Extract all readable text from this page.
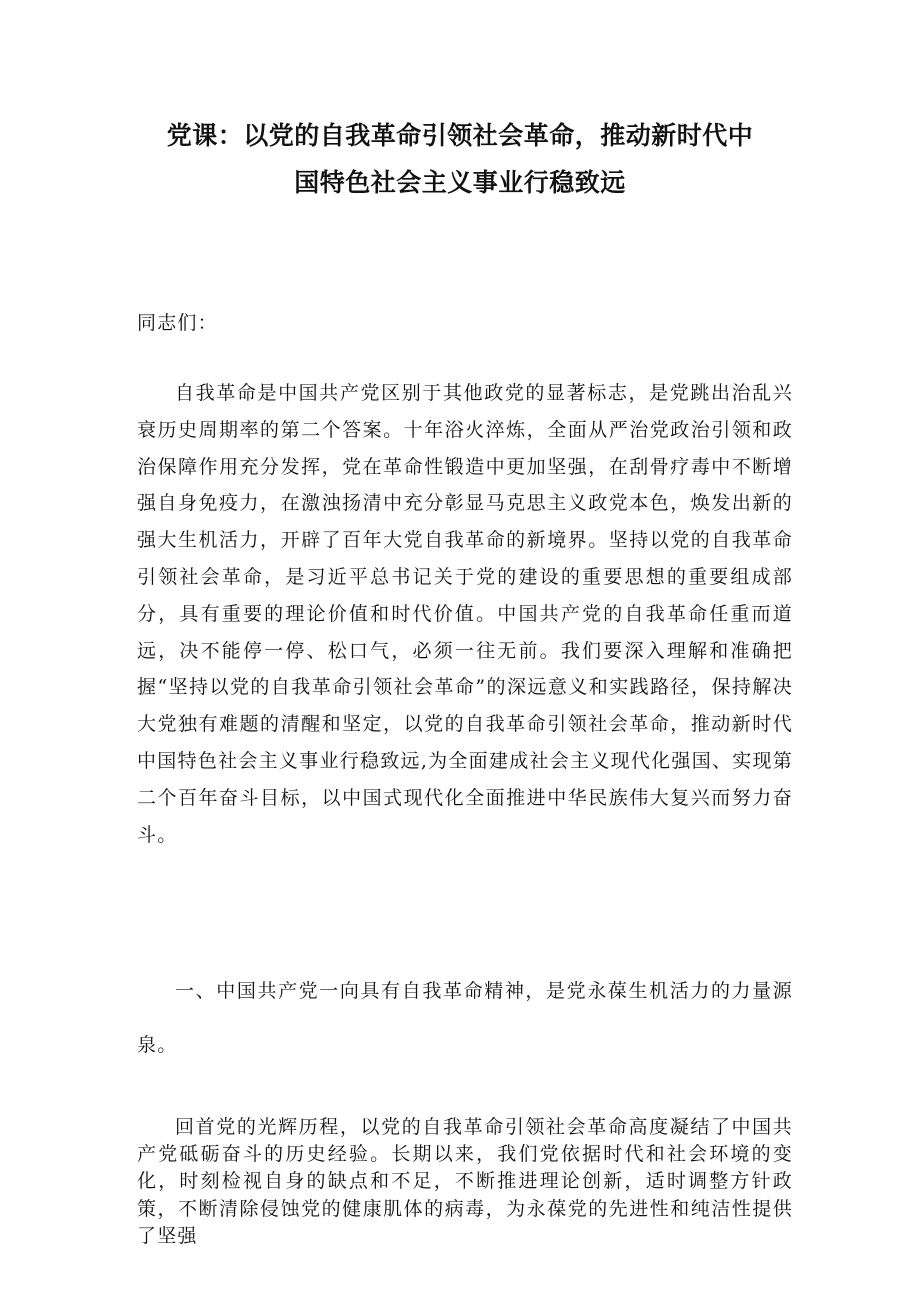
党课：以党的自我革命引领社会革命，推动新时代中
国特色社会主义事业行稳致远
同志们：

自我革命是中国共产党区别于其他政党的显著标志，是党跳出治乱兴衰历史周期率的第二个答案。十年浴火淬炼，全面从严治党政治引领和政治保障作用充分发挥，党在革命性锻造中更加坚强，在刮骨疗毒中不断增强自身免疫力，在激浊扬清中充分彰显马克思主义政党本色，焕发出新的强大生机活力，开辟了百年大党自我革命的新境界。坚持以党的自我革命引领社会革命，是习近平总书记关于党的建设的重要思想的重要组成部分，具有重要的理论价值和时代价值。中国共产党的自我革命任重而道远，决不能停一停、松口气，必须一往无前。我们要深入理解和准确把握“坚持以党的自我革命引领社会革命”的深远意义和实践路径，保持解决大党独有难题的清醒和坚定，以党的自我革命引领社会革命，推动新时代中国特色社会主义事业行稳致远,为全面建成社会主义现代化强国、实现第二个百年奋斗目标，以中国式现代化全面推进中华民族伟大复兴而努力奋斗。

一、中国共产党一向具有自我革命精神，是党永葆生机活力的力量源泉。

回首党的光辉历程，以党的自我革命引领社会革命高度凝结了中国共产党砥砺奋斗的历史经验。长期以来，我们党依据时代和社会环境的变化，时刻检视自身的缺点和不足，不断推进理论创新，适时调整方针政策，不断清除侵蚀党的健康肌体的病毒，为永葆党的先进性和纯洁性提供了坚强
